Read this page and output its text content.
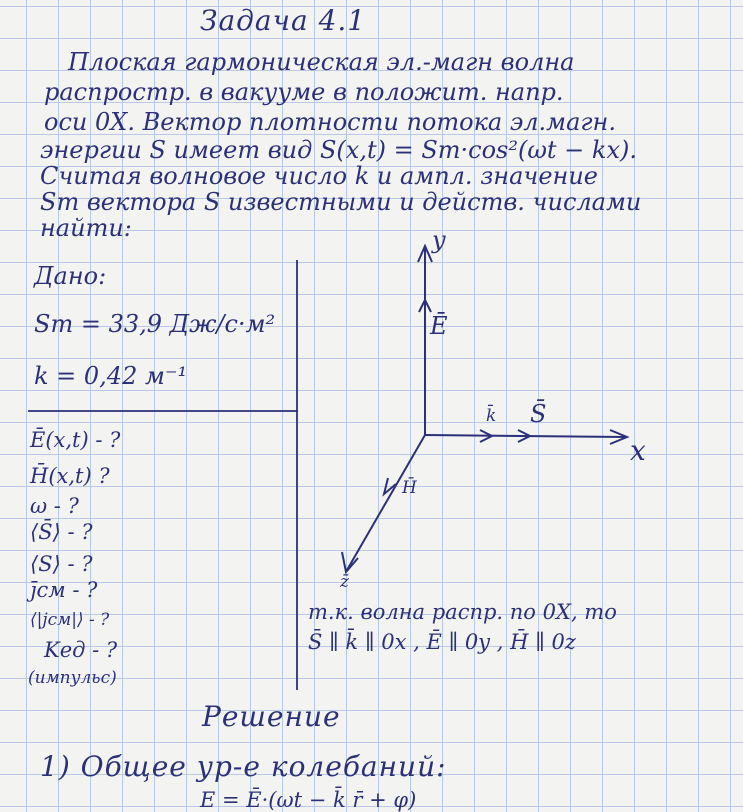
Задача 4.1
Плоская гармоническая эл.-магн волна
распростр. в вакууме в положит. напр.
оси 0X. Вектор плотности потока эл.магн.
энергии S имеет вид S(x,t) = Sm·cos²(ωt − kx).
Считая волновое число k и ампл. значение
Sm вектора S известными и действ. числами
найти:
Дано:
Sm = 33,9 Дж/с·м²
k = 0,42 м⁻¹
Ē(x,t) - ?
H̄(x,t) ?
ω - ?
⟨S̄⟩ - ?
⟨S⟩ - ?
j̄см - ?
⟨|jсм|⟩ - ?
Kед - ?
(импульс)
y
x
Ē
k̄ S̄
H̄
z̄
т.к. волна распр. по 0X, то
S̄ ∥ k̄ ∥ 0x , Ē ∥ 0y , H̄ ∥ 0z
Решение
1) Общее ур-е колебаний:
E = Ē·(ωt − k̄ r̄ + φ)
